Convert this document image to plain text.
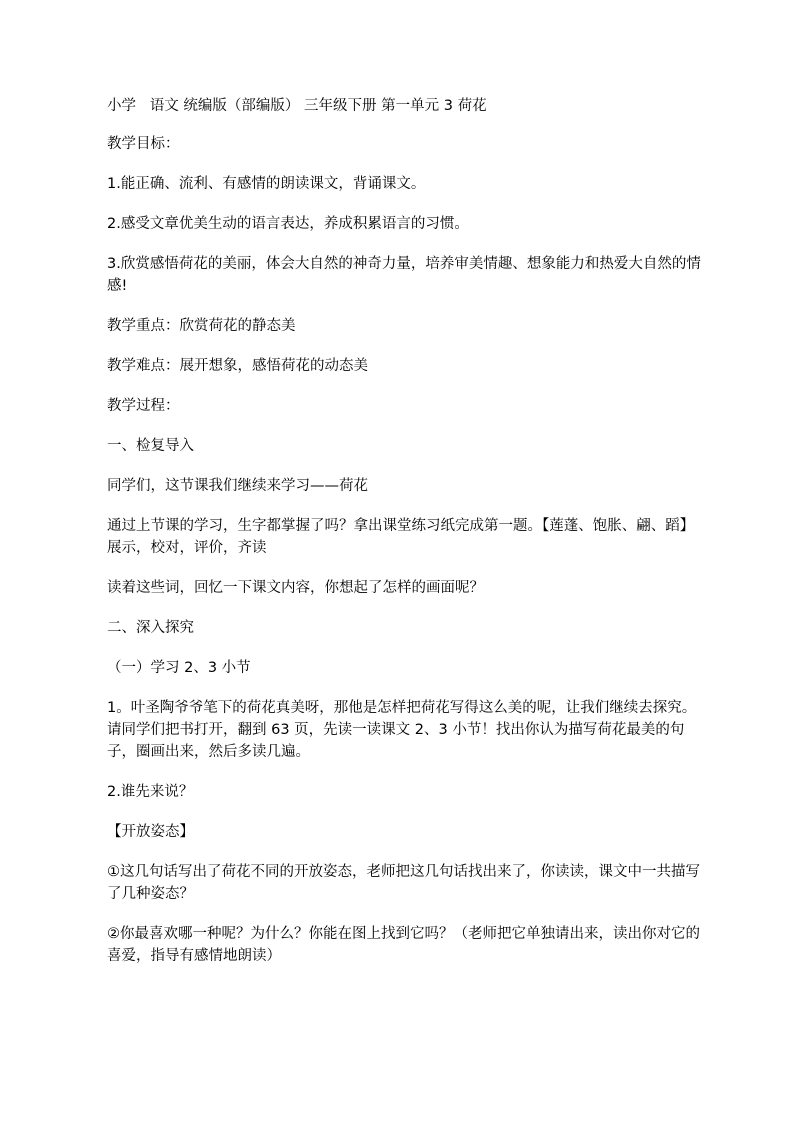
小学   语文 统编版（部编版） 三年级下册 第一单元 3 荷花

教学目标：

1.能正确、流利、有感情的朗读课文，背诵课文。

2.感受文章优美生动的语言表达，养成积累语言的习惯。

3.欣赏感悟荷花的美丽，体会大自然的神奇力量，培养审美情趣、想象能力和热爱大自然的情感!

教学重点：欣赏荷花的静态美

教学难点：展开想象，感悟荷花的动态美

教学过程：

一、检复导入

同学们，这节课我们继续来学习——荷花

通过上节课的学习，生字都掌握了吗？拿出课堂练习纸完成第一题。【莲蓬、饱胀、翩、蹈】展示，校对，评价，齐读

读着这些词，回忆一下课文内容，你想起了怎样的画面呢？

二、深入探究

（一）学习 2、3 小节

1。叶圣陶爷爷笔下的荷花真美呀，那他是怎样把荷花写得这么美的呢，让我们继续去探究。请同学们把书打开，翻到 63 页，先读一读课文 2、3 小节！找出你认为描写荷花最美的句子，圈画出来，然后多读几遍。

2.谁先来说？

【开放姿态】

①这几句话写出了荷花不同的开放姿态，老师把这几句话找出来了，你读读，课文中一共描写了几种姿态？

②你最喜欢哪一种呢？为什么？你能在图上找到它吗？（老师把它单独请出来，读出你对它的喜爱，指导有感情地朗读）
